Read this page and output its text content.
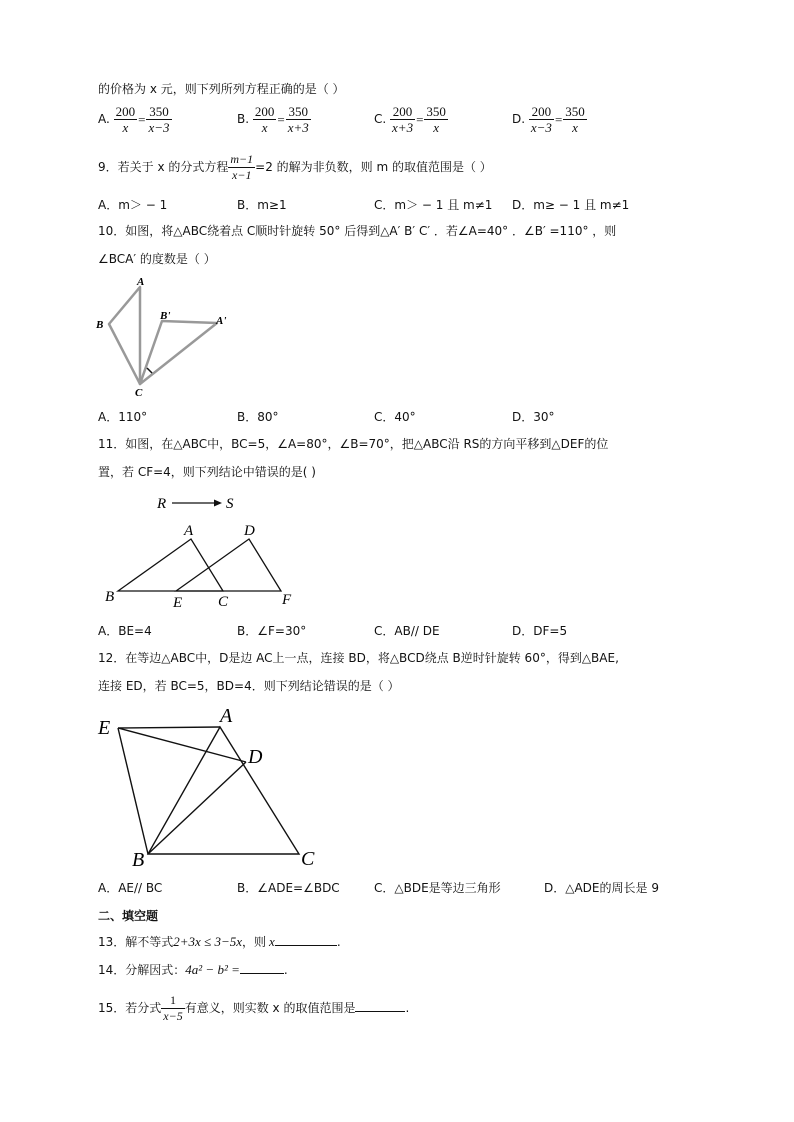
的价格为 x 元，则下列所列方程正确的是（ ）
A. $\frac{200}{x} = \frac{350}{x-3}$	B. $\frac{200}{x} = \frac{350}{x+3}$	C. $\frac{200}{x+3} = \frac{350}{x}$	D. $\frac{200}{x-3} = \frac{350}{x}$
9．若关于 x 的分式方程 $\frac{m-1}{x-1} =2$ 的解为非负数，则 m 的取值范围是（ ）
A．m＞ − 1	B．m≥1	C．m＞ − 1 且 m≠1 D．m≥ − 1 且 m≠1
10．如图，将△ABC绕着点 C顺时针旋转 50° 后得到△A′ B′ C′ ．若∠A=40° ．∠B′ =110° ，则
∠BCA′ 的度数是（ ）
A
B
B'	A'
C
A．110°	B．80°	C．40°	D．30°
11．如图，在△ABC中，BC=5，∠A=80°，∠B=70°，把△ABC沿 RS的方向平移到△DEF的位
置，若 CF=4，则下列结论中错误的是( )
R	S
A	D
B	E C	F
A．BE=4	B．∠F=30°	C．AB// DE	D．DF=5
12．在等边△ABC中，D是边 AC上一点，连接 BD，将△BCD绕点 B逆时针旋转 60°，得到△BAE,
连接 ED，若 BC=5，BD=4．则下列结论错误的是（ ）
E
A
D
B	C
A．AE// BC	B．∠ADE=∠BDC	C．△BDE是等边三角形	D．△ADE的周长是 9
二、填空题
13．解不等式2+3x ≤ 3−5x，则 x	.
14．分解因式：4a² − b² =	.
15．若分式 $\frac{1}{x-5}$ 有意义，则实数 x 的取值范围是	.
